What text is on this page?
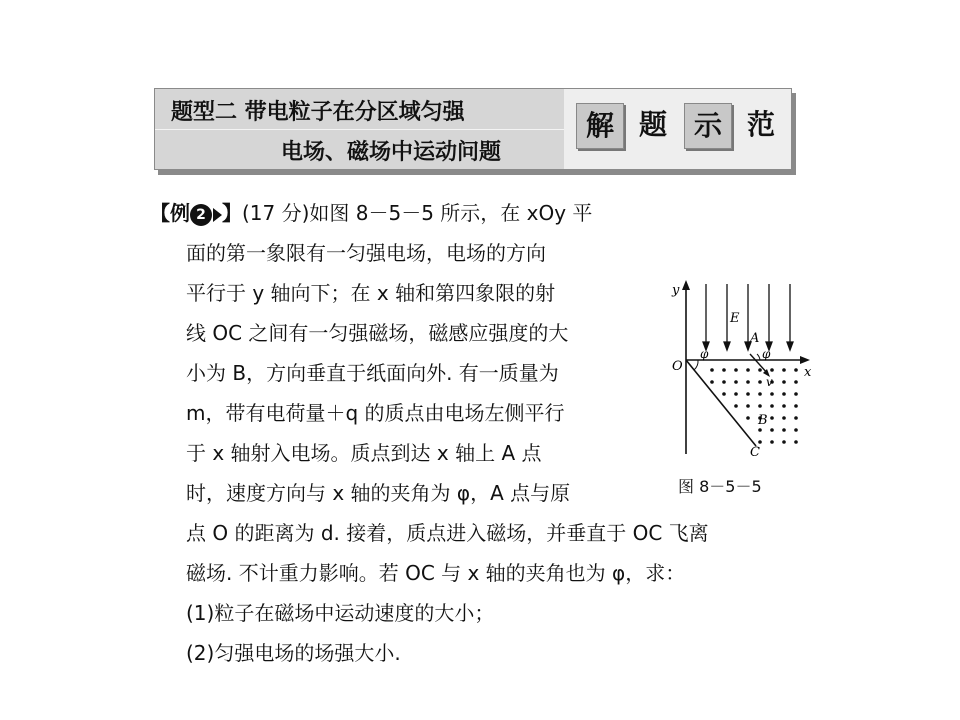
题型二 带电粒子在分区域匀强
电场、磁场中运动问题
解 题 示 范
【例 2 】(17 分)如图 8－5－5 所示，在 xOy 平
面的第一象限有一匀强电场，电场的方向
平行于 y 轴向下；在 x 轴和第四象限的射
线 OC 之间有一匀强磁场，磁感应强度的大
小为 B，方向垂直于纸面向外. 有一质量为
m，带有电荷量＋q 的质点由电场左侧平行
于 x 轴射入电场。质点到达 x 轴上 A 点
时，速度方向与 x 轴的夹角为 φ，A 点与原
点 O 的距离为 d. 接着，质点进入磁场，并垂直于 OC 飞离
磁场. 不计重力影响。若 OC 与 x 轴的夹角也为 φ，求：
(1)粒子在磁场中运动速度的大小；
(2)匀强电场的场强大小.
y
x
O
E
A
B
C
v
φ	φ
图 8－5－5
